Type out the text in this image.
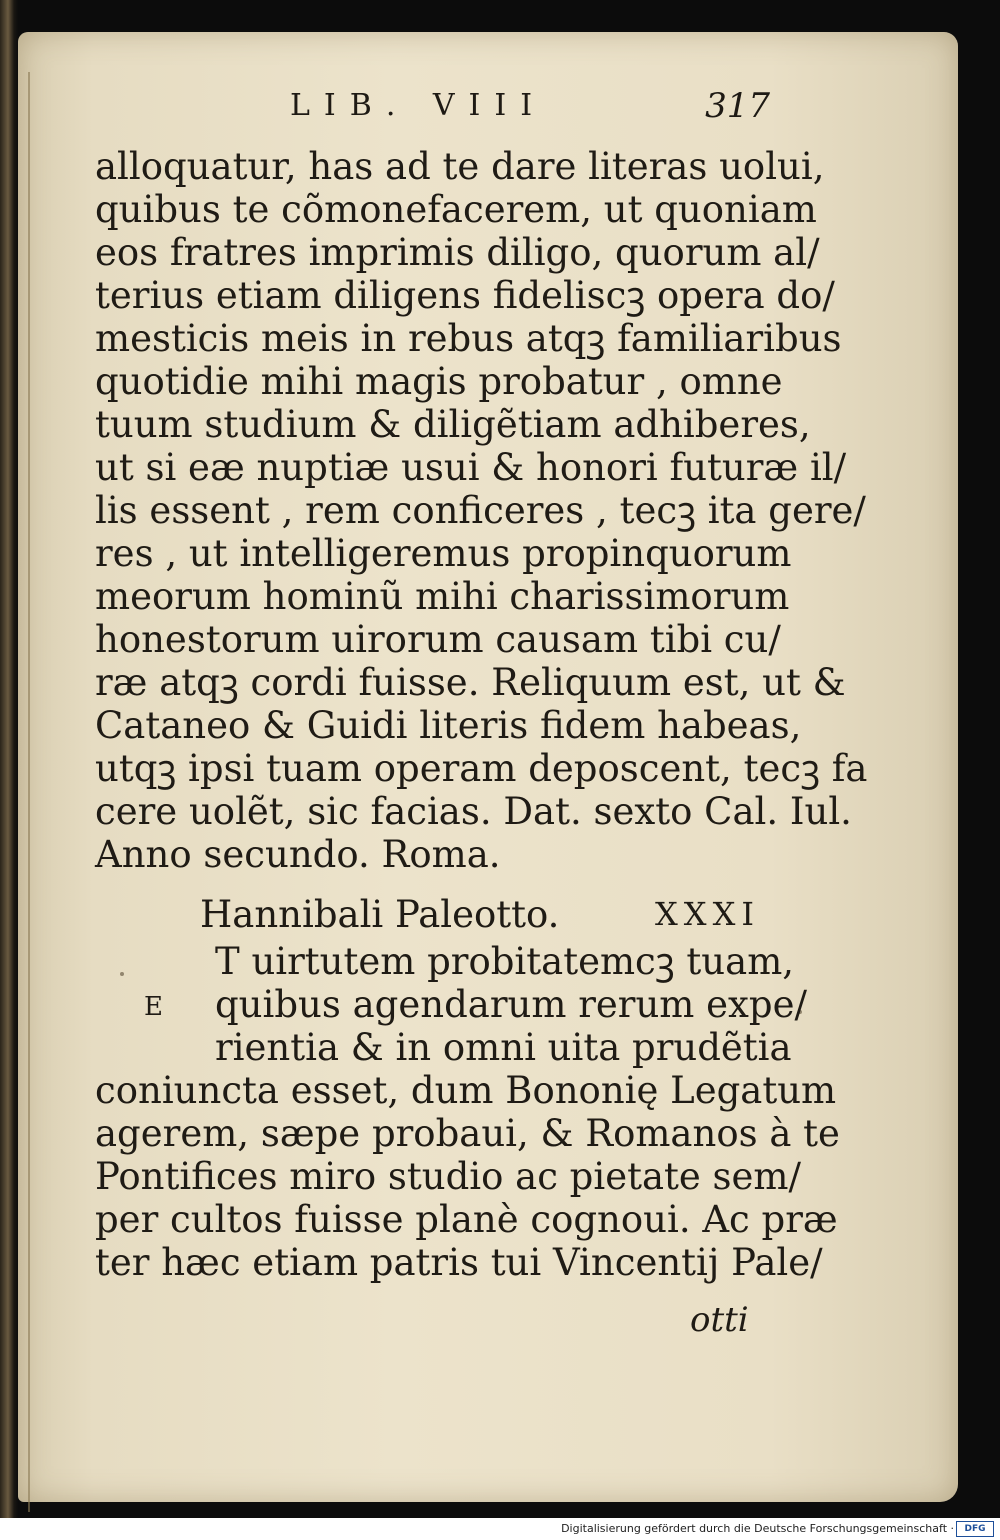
LIB. VIII	317
alloquatur, has ad te dare literas uolui,
quibus te cõmonefacerem, ut quoniam
eos fratres imprimis diligo, quorum al/
terius etiam diligens fideliscꝫ opera do/
mesticis meis in rebus atqꝫ familiaribus
quotidie mihi magis probatur , omne
tuum studium & diligẽtiam adhiberes,
ut si eæ nuptiæ usui & honori futuræ il/
lis essent , rem conficeres , tecꝫ ita gere/
res , ut intelligeremus propinquorum
meorum hominũ mihi charissimorum
honestorum uirorum causam tibi cu/
ræ atqꝫ cordi fuisse. Reliquum est, ut &
Cataneo & Guidi literis fidem habeas,
utqꝫ ipsi tuam operam deposcent, tecꝫ fa
cere uolẽt, sic facias. Dat. sexto Cal. Iul.
Anno secundo. Roma.
Hannibali Paleotto.	XXXI
E
T uirtutem probitatemcꝫ tuam,
quibus agendarum rerum expe/
rientia & in omni uita prudẽtia
coniuncta esset, dum Bononię Legatum
agerem, sæpe probaui, & Romanos à te
Pontifices miro studio ac pietate sem/
per cultos fuisse planè cognoui. Ac præ
ter hæc etiam patris tui Vincentij Pale/
otti
Digitalisierung gefördert durch die Deutsche Forschungsgemeinschaft ·	DFG
